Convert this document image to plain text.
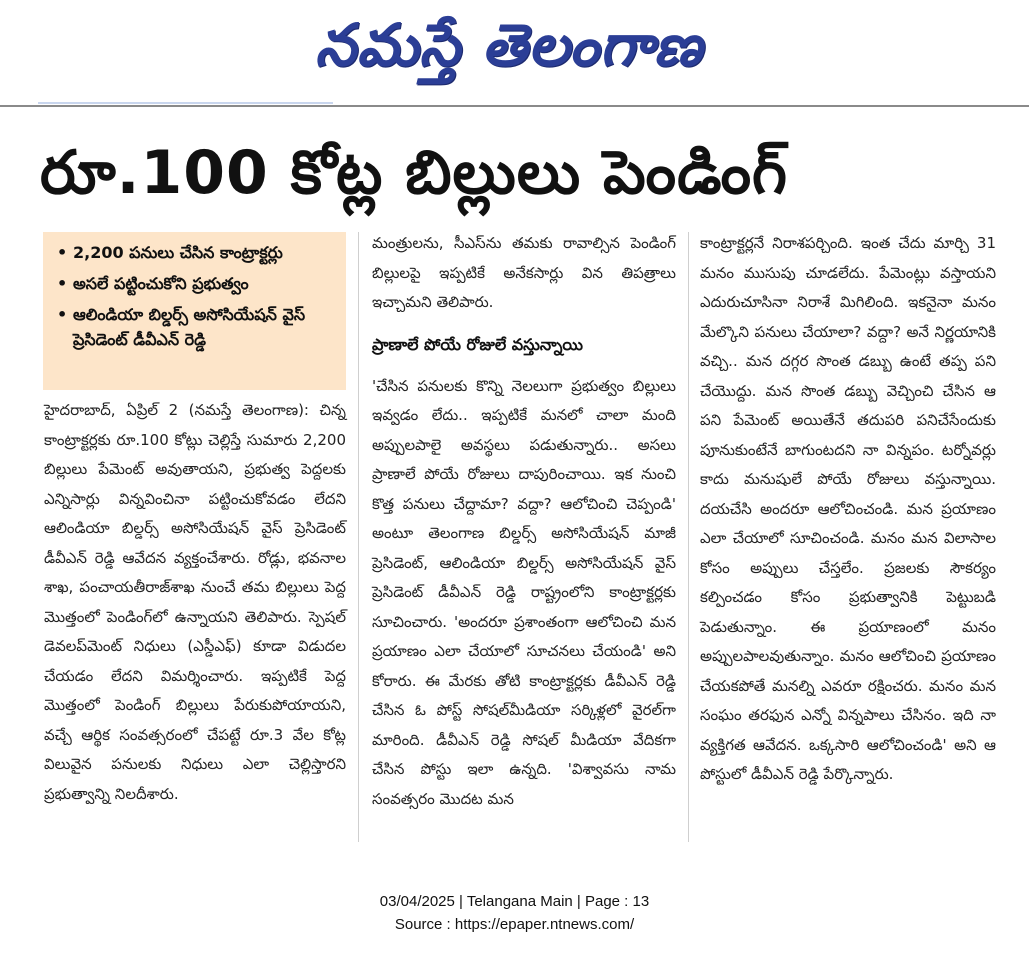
నమస్తే తెలంగాణ
రూ.100 కోట్ల బిల్లులు పెండింగ్
• 2,200 పనులు చేసిన కాంట్రాక్టర్లు
• అసలే పట్టించుకోని ప్రభుత్వం
• ఆలిండియా బిల్డర్స్ అసోసియేషన్ వైస్ ప్రెసిడెంట్ డీవీఎన్ రెడ్డి

హైదరాబాద్, ఏప్రిల్ 2 (నమస్తే తెలంగాణ): చిన్న కాంట్రాక్టర్లకు రూ.100 కోట్లు చెల్లిస్తే సుమారు 2,200 బిల్లులు పేమెంట్ అవుతాయని, ప్రభుత్వ పెద్దలకు ఎన్నిసార్లు విన్నవించినా పట్టించుకోవడం లేదని ఆలిండియా బిల్డర్స్ అసోసియేషన్ వైస్ ప్రెసిడెంట్ డీవీఎన్ రెడ్డి ఆవేదన వ్యక్తంచేశారు. రోడ్లు, భవనాల శాఖ, పంచాయతీరాజ్‌శాఖ నుంచే తమ బిల్లులు పెద్ద మొత్తంలో పెండింగ్‌లో ఉన్నాయని తెలిపారు. స్పెషల్ డెవలప్‌మెంట్ నిధులు (ఎస్డీఎఫ్) కూడా విడుదల చేయడం లేదని విమర్శించారు. ఇప్పటికే పెద్ద మొత్తంలో పెండింగ్ బిల్లులు పేరుకుపోయాయని, వచ్చే ఆర్థిక సంవత్సరంలో చేపట్టే రూ.3 వేల కోట్ల విలువైన పనులకు నిధులు ఎలా చెల్లిస్తారని ప్రభుత్వాన్ని నిలదీశారు.

మంత్రులను, సీఎస్‌ను తమకు రావాల్సిన పెండింగ్ బిల్లులపై ఇప్పటికే అనేకసార్లు విన తిపత్రాలు ఇచ్చామని తెలిపారు.

ప్రాణాలే పోయే రోజులే వస్తున్నాయి

'చేసిన పనులకు కొన్ని నెలలుగా ప్రభుత్వం బిల్లులు ఇవ్వడం లేదు.. ఇప్పటికే మనలో చాలా మంది అప్పులపాలై అవస్థలు పడుతున్నారు.. అసలు ప్రాణాలే పోయే రోజులు దాపురించాయి. ఇక నుంచి కొత్త పనులు చేద్దామా? వద్దా? ఆలోచించి చెప్పండి' అంటూ తెలంగాణ బిల్డర్స్ అసోసియేషన్ మాజీ ప్రెసిడెంట్, ఆలిండియా బిల్డర్స్ అసోసియేషన్ వైస్ ప్రెసిడెంట్ డీవీఎన్ రెడ్డి రాష్ట్రంలోని కాంట్రాక్టర్లకు సూచించారు. 'అందరూ ప్రశాంతంగా ఆలోచించి మన ప్రయాణం ఎలా చేయాలో సూచనలు చేయండి' అని కోరారు. ఈ మేరకు తోటి కాంట్రాక్టర్లకు డీవీఎన్ రెడ్డి చేసిన ఓ పోస్ట్ సోషల్‌మీడియా సర్కిళ్లలో వైరల్‌గా మారింది. డీవీఎన్ రెడ్డి సోషల్ మీడియా వేదికగా చేసిన పోస్టు ఇలా ఉన్నది. 'విశ్వావసు నామ సంవత్సరం మొదట మన

కాంట్రాక్టర్లనే నిరాశపర్చింది. ఇంత చేదు మార్చి 31 మనం ముసుపు చూడలేదు. పేమెంట్లు వస్తాయని ఎదురుచూసినా నిరాశే మిగిలింది. ఇకనైనా మనం మేల్కొని పనులు చేయాలా? వద్దా? అనే నిర్ణయానికి వచ్చి.. మన దగ్గర సొంత డబ్బు ఉంటే తప్ప పని చేయొద్దు. మన సొంత డబ్బు వెచ్చించి చేసిన ఆ పని పేమెంట్ అయితేనే తదుపరి పనిచేసేందుకు పూనుకుంటేనే బాగుంటదని నా విన్నపం. టర్నోవర్లు కాదు మనుషులే పోయే రోజులు వస్తున్నాయి. దయచేసి అందరూ ఆలోచించండి. మన ప్రయాణం ఎలా చేయాలో సూచించండి. మనం మన విలాసాల కోసం అప్పులు చేస్తలేం. ప్రజలకు సౌకర్యం కల్పించడం కోసం ప్రభుత్వానికి పెట్టుబడి పెడుతున్నాం. ఈ ప్రయాణంలో మనం అప్పులపాలవుతున్నాం. మనం ఆలోచించి ప్రయాణం చేయకపోతే మనల్ని ఎవరూ రక్షించరు. మనం మన సంఘం తరఫున ఎన్నో విన్నపాలు చేసినం. ఇది నా వ్యక్తిగత ఆవేదన. ఒక్కసారి ఆలోచించండి' అని ఆ పోస్టులో డీవీఎన్ రెడ్డి పేర్కొన్నారు.

03/04/2025 | Telangana Main | Page : 13
Source : https://epaper.ntnews.com/
